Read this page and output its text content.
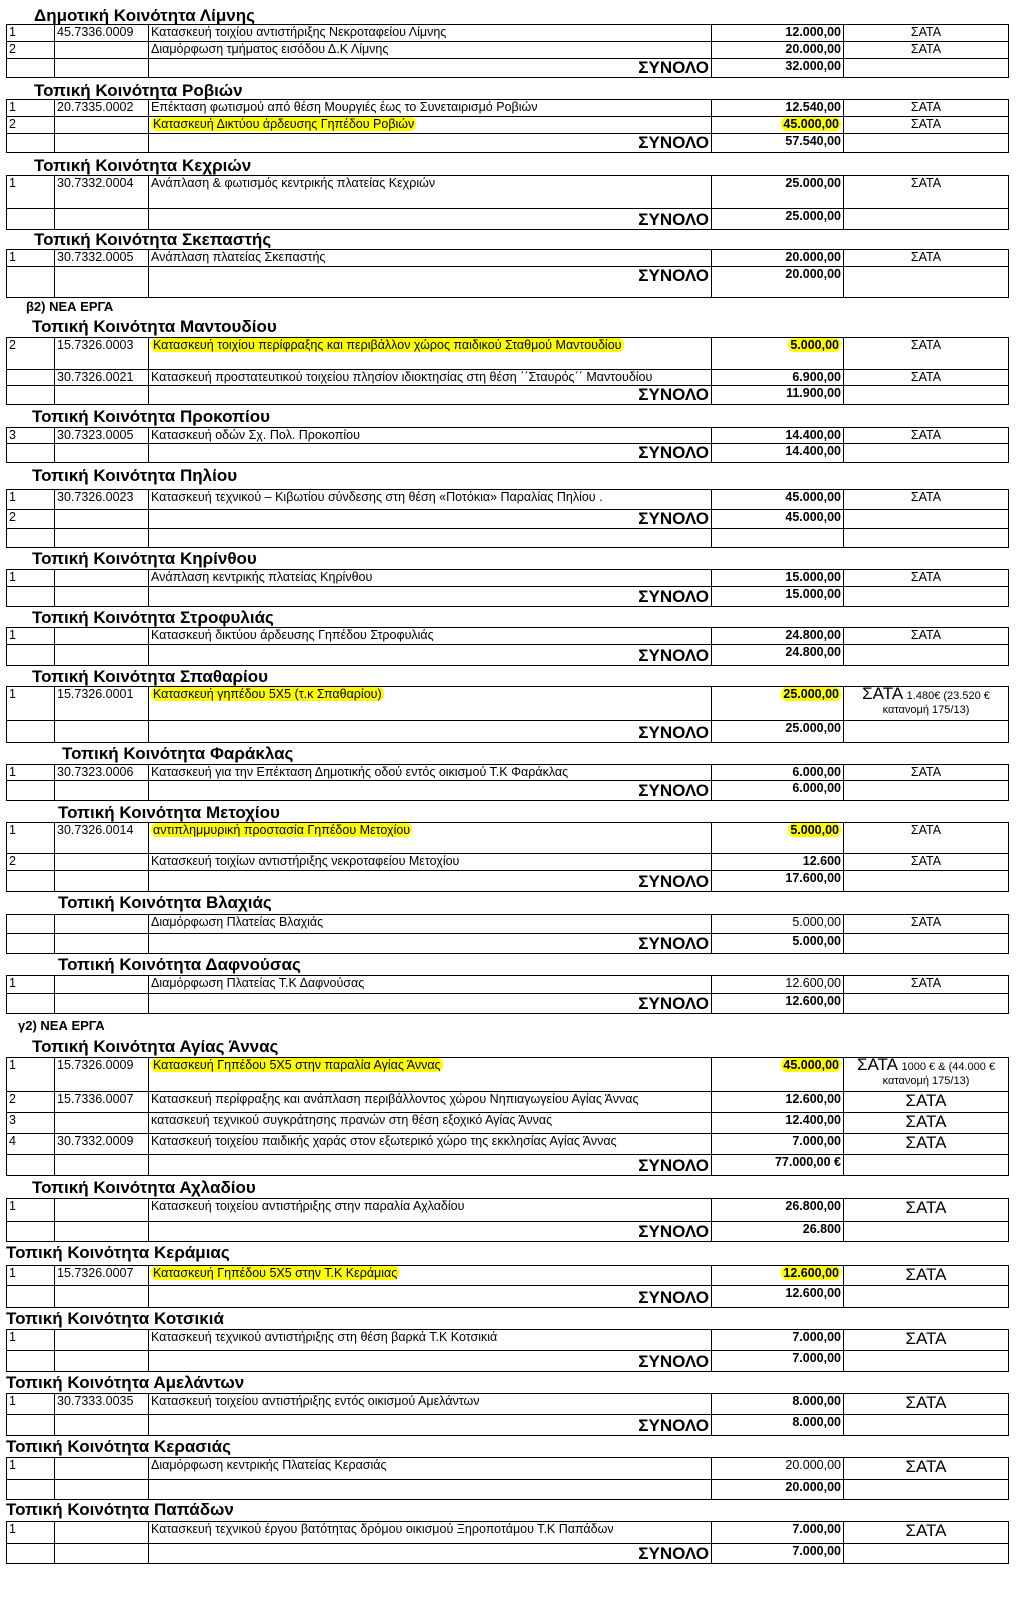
Δημοτική Κοινότητα Λίμνης
1	45.7336.0009	Κατασκευή τοιχίου αντιστήριξης Νεκροταφείου Λίμνης	12.000,00	ΣΑΤΑ
2		Διαμόρφωση τμήματος εισόδου Δ.Κ Λίμνης	20.000,00	ΣΑΤΑ
		ΣΥΝΟΛΟ	32.000,00	
Τοπική Κοινότητα Ροβιών
1	20.7335.0002	Επέκταση φωτισμού από θέση Μουργιές έως το Συνεταιρισμό Ροβιών	12.540,00	ΣΑΤΑ
2		Κατασκευή Δικτύου άρδευσης Γηπέδου Ροβιών	45.000,00	ΣΑΤΑ
		ΣΥΝΟΛΟ	57.540,00	
Τοπική Κοινότητα Κεχριών
1	30.7332.0004	Ανάπλαση & φωτισμός κεντρικής πλατείας Κεχριών	25.000,00	ΣΑΤΑ
		ΣΥΝΟΛΟ	25.000,00	
Τοπική Κοινότητα Σκεπαστής
1	30.7332.0005	Ανάπλαση πλατείας Σκεπαστής	20.000,00	ΣΑΤΑ
		ΣΥΝΟΛΟ	20.000,00	
β2) ΝΕΑ ΕΡΓΑ
Τοπική Κοινότητα Μαντουδίου
2	15.7326.0003	Κατασκευή τοιχίου περίφραξης και περιβάλλον χώρος παιδικού Σταθμού Μαντουδίου	5.000,00	ΣΑΤΑ
	30.7326.0021	Κατασκευή προστατευτικού τοιχείου πλησίον ιδιοκτησίας στη θέση ΄΄Σταυρός΄΄ Μαντουδίου	6.900,00	ΣΑΤΑ
		ΣΥΝΟΛΟ	11.900,00	
Τοπική Κοινότητα Προκοπίου
3	30.7323.0005	Κατασκευή οδών Σχ. Πολ. Προκοπίου	14.400,00	ΣΑΤΑ
		ΣΥΝΟΛΟ	14.400,00	
Τοπική Κοινότητα Πηλίου
1	30.7326.0023	Κατασκευή τεχνικού – Κιβωτίου σύνδεσης στη θέση «Ποτόκια» Παραλίας Πηλίου .	45.000,00	ΣΑΤΑ
2		ΣΥΝΟΛΟ	45.000,00	

Τοπική Κοινότητα Κηρίνθου
1		Ανάπλαση κεντρικής πλατείας Κηρίνθου	15.000,00	ΣΑΤΑ
		ΣΥΝΟΛΟ	15.000,00	
Τοπική Κοινότητα Στροφυλιάς
1		Κατασκευή δικτύου άρδευσης Γηπέδου Στροφυλιάς	24.800,00	ΣΑΤΑ
		ΣΥΝΟΛΟ	24.800,00	
Τοπική Κοινότητα Σπαθαρίου
1	15.7326.0001	Κατασκευή γηπέδου 5Χ5 (τ.κ Σπαθαρίου)	25.000,00	ΣΑΤΑ 1.480€ (23.520 €
κατανομή 175/13)
		ΣΥΝΟΛΟ	25.000,00	
Τοπική Κοινότητα Φαράκλας
1	30.7323.0006	Κατασκευή για την Επέκταση Δημοτικής οδού εντός οικισμού Τ.Κ Φαράκλας	6.000,00	ΣΑΤΑ
		ΣΥΝΟΛΟ	6.000,00	
Τοπική Κοινότητα Μετοχίου
1	30.7326.0014	αντιπλημμυρική προστασία Γηπέδου Μετοχίου	5.000,00	ΣΑΤΑ
2		Κατασκευή τοιχίων αντιστήριξης νεκροταφείου Μετοχίου	12.600	ΣΑΤΑ
		ΣΥΝΟΛΟ	17.600,00	
Τοπική Κοινότητα Βλαχιάς
		Διαμόρφωση Πλατείας Βλαχιάς	5.000,00	ΣΑΤΑ
		ΣΥΝΟΛΟ	5.000,00	
Τοπική Κοινότητα Δαφνούσας
1		Διαμόρφωση Πλατείας Τ.Κ Δαφνούσας	12.600,00	ΣΑΤΑ
		ΣΥΝΟΛΟ	12.600,00	
γ2) ΝΕΑ ΕΡΓΑ
Τοπική Κοινότητα Αγίας Άννας
1	15.7326.0009	Κατασκευή Γηπέδου 5Χ5 στην παραλία Αγίας Άννας	45.000,00	ΣΑΤΑ 1000 € & (44.000 €
κατανομή 175/13)
2	15.7336.0007	Κατασκευή περίφραξης και ανάπλαση περιβάλλοντος χώρου Νηπιαγωγείου Αγίας Άννας	12.600,00	ΣΑΤΑ
3		κατασκευή τεχνικού συγκράτησης πρανών στη θέση εξοχικό Αγίας Άννας	12.400,00	ΣΑΤΑ
4	30.7332.0009	Κατασκευή τοιχείου παιδικής χαράς στον εξωτερικό χώρο της εκκλησίας Αγίας Άννας	7.000,00	ΣΑΤΑ
		ΣΥΝΟΛΟ	77.000,00 €	
Τοπική Κοινότητα Αχλαδίου
1		Κατασκευή τοιχείου αντιστήριξης στην παραλία Αχλαδίου	26.800,00	ΣΑΤΑ
		ΣΥΝΟΛΟ	26.800	
Τοπική Κοινότητα Κεράμιας
1	15.7326.0007	Κατασκευή Γηπέδου 5Χ5 στην Τ.Κ Κεράμιας	12.600,00	ΣΑΤΑ
		ΣΥΝΟΛΟ	12.600,00	
Τοπική Κοινότητα Κοτσικιά
1		Κατασκευή τεχνικού αντιστήριξης στη θέση βαρκά Τ.Κ Κοτσικιά	7.000,00	ΣΑΤΑ
		ΣΥΝΟΛΟ	7.000,00	
Τοπική Κοινότητα Αμελάντων
1	30.7333.0035	Κατασκευή τοιχείου αντιστήριξης εντός οικισμού Αμελάντων	8.000,00	ΣΑΤΑ
		ΣΥΝΟΛΟ	8.000,00	
Τοπική Κοινότητα Κερασιάς
1		Διαμόρφωση κεντρικής Πλατείας Κερασιάς	20.000,00	ΣΑΤΑ
			20.000,00	
Τοπική Κοινότητα Παπάδων
1		Κατασκευή τεχνικού έργου βατότητας δρόμου οικισμού Ξηροποτάμου Τ.Κ Παπάδων	7.000,00	ΣΑΤΑ
		ΣΥΝΟΛΟ	7.000,00	
